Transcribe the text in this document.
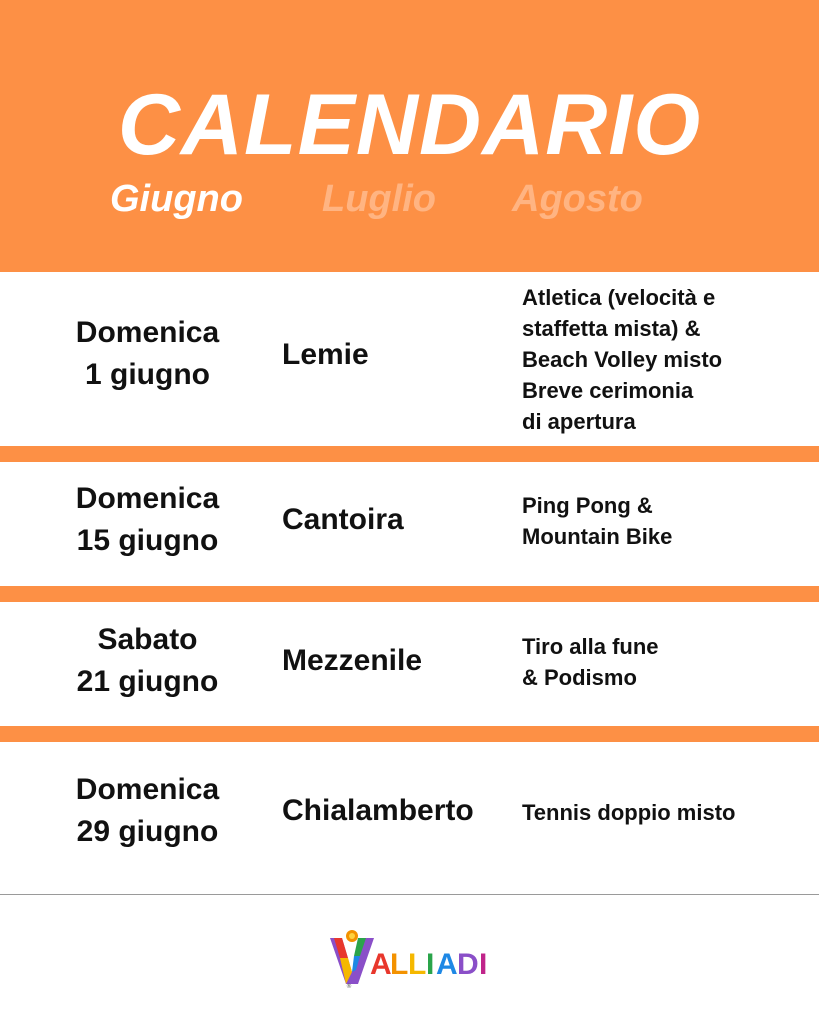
CALENDARIO
Giugno Luglio Agosto
Domenica
1 giugno
Lemie
Atletica (velocità e
staffetta mista) &
Beach Volley misto
Breve cerimonia
di apertura
Domenica
15 giugno
Cantoira	Ping Pong &
Mountain Bike
Sabato
21 giugno
Mezzenile	Tiro alla fune
& Podismo
Domenica
29 giugno
Chialamberto Tennis doppio misto
®
A
L L I A D I
